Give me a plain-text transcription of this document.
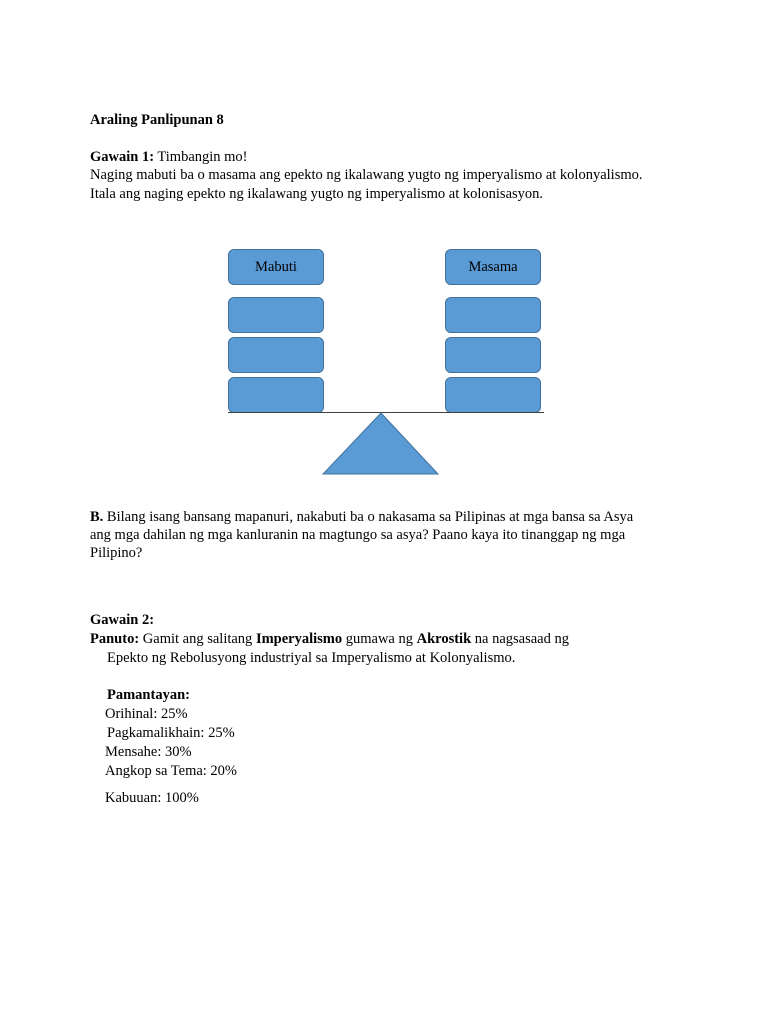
Araling Panlipunan 8
Gawain 1: Timbangin mo!
Naging mabuti ba o masama ang epekto ng ikalawang yugto ng imperyalismo at kolonyalismo.
Itala ang naging epekto ng ikalawang yugto ng imperyalismo at kolonisasyon.
Mabuti	Masama
B. Bilang isang bansang mapanuri, nakabuti ba o nakasama sa Pilipinas at mga bansa sa Asya
ang mga dahilan ng mga kanluranin na magtungo sa asya? Paano kaya ito tinanggap ng mga
Pilipino?
Gawain 2:
Panuto: Gamit ang salitang Imperyalismo gumawa ng Akrostik na nagsasaad ng
Epekto ng Rebolusyong industriyal sa Imperyalismo at Kolonyalismo.
Pamantayan:
Orihinal: 25%
Pagkamalikhain: 25%
Mensahe: 30%
Angkop sa Tema: 20%
Kabuuan: 100%
